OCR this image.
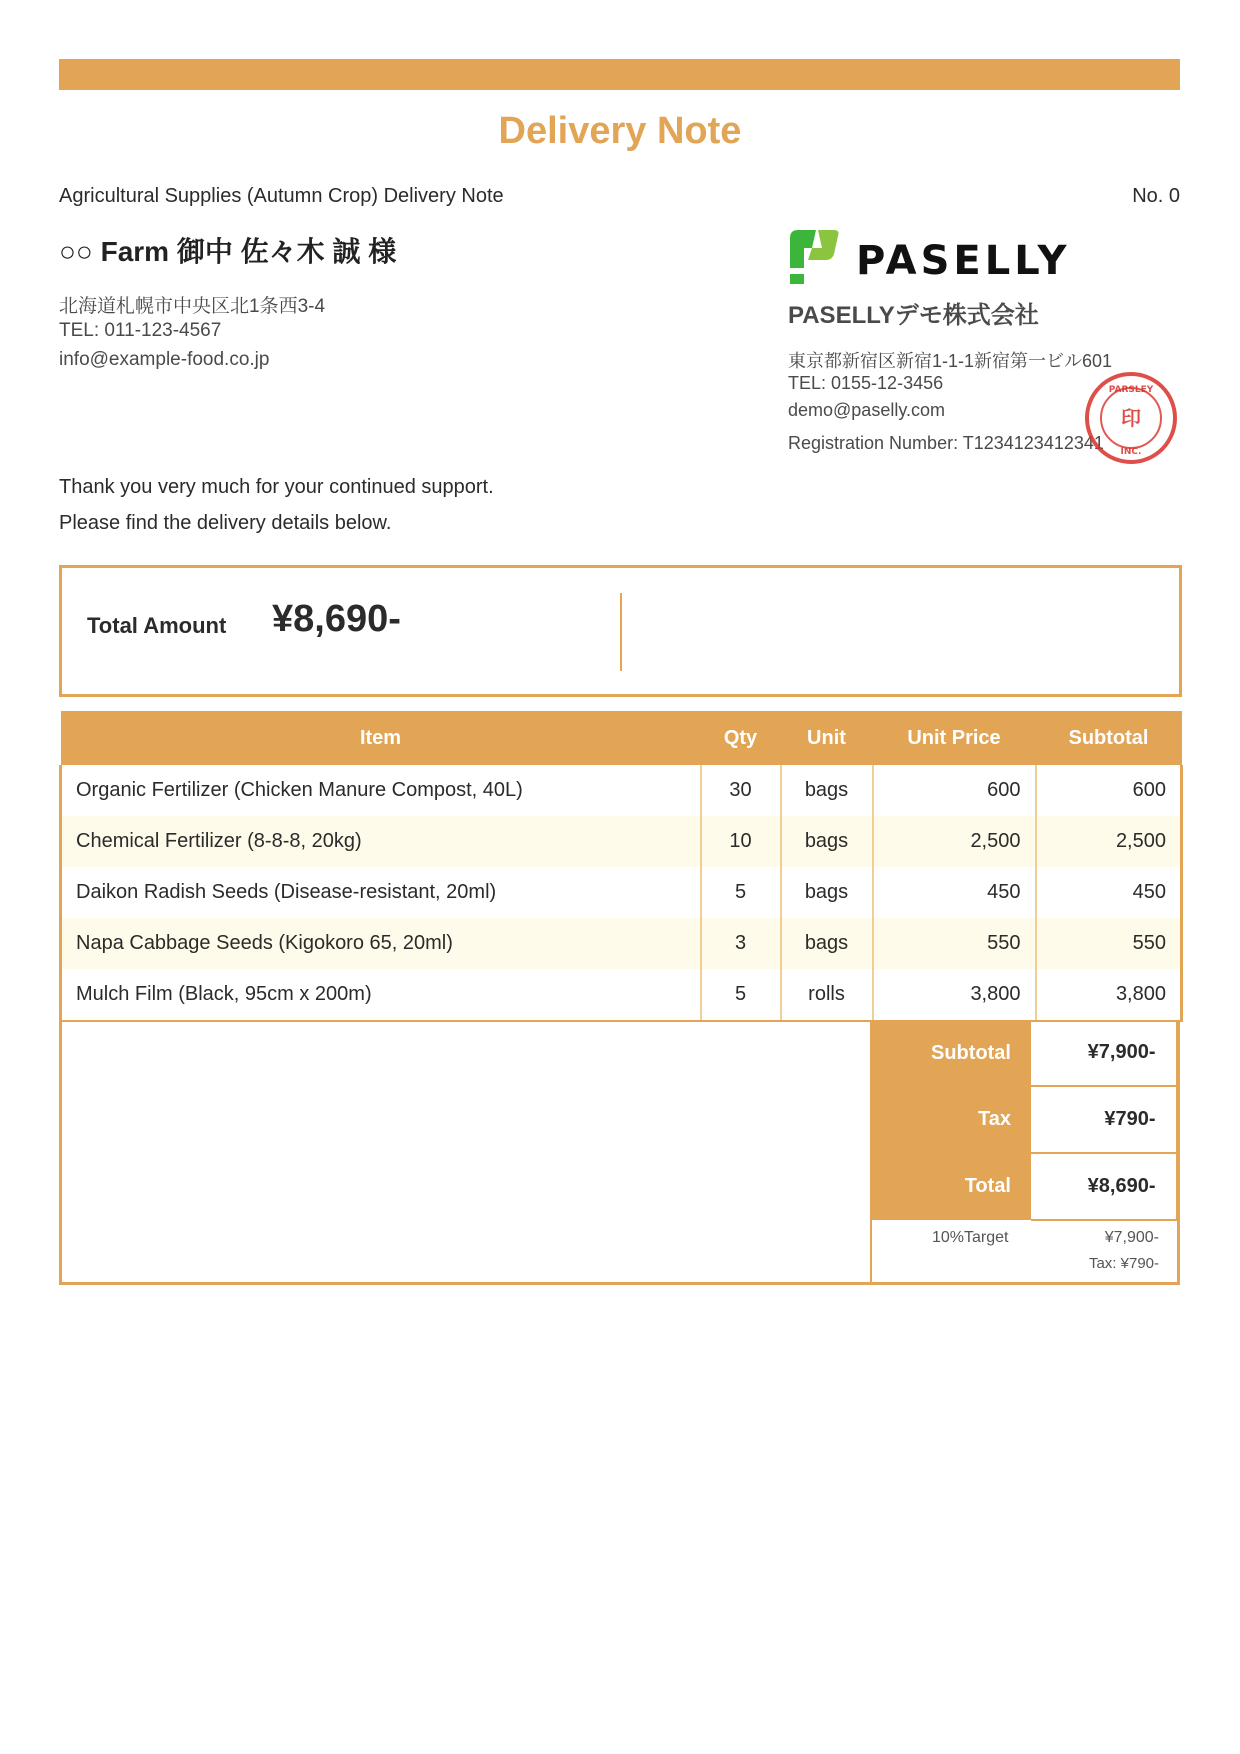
Delivery Note
Agricultural Supplies (Autumn Crop) Delivery Note	No. 0
○○ Farm 御中 佐々木 誠 様
北海道札幌市中央区北1条西3-4
TEL: 011-123-4567
info@example-food.co.jp
PASELLY
PASELLYデモ株式会社
東京都新宿区新宿1-1-1新宿第一ビル601
TEL: 0155-12-3456
demo@paselly.com
Registration Number: T1234123412341
印
PARSLEY
INC.
Thank you very much for your continued support.
Please find the delivery details below.
Total Amount ¥8,690-
Item	Qty	Unit	Unit Price	Subtotal
Organic Fertilizer (Chicken Manure Compost, 40L)	30	bags	600	600
Chemical Fertilizer (8-8-8, 20kg)	10	bags	2,500	2,500
Daikon Radish Seeds (Disease-resistant, 20ml)	5	bags	450	450
Napa Cabbage Seeds (Kigokoro 65, 20ml)	3	bags	550	550
Mulch Film (Black, 95cm x 200m)	5	rolls	3,800	3,800
Subtotal	¥7,900-
Tax	¥790-
Total	¥8,690-
10%Target	¥7,900-
Tax: ¥790-
